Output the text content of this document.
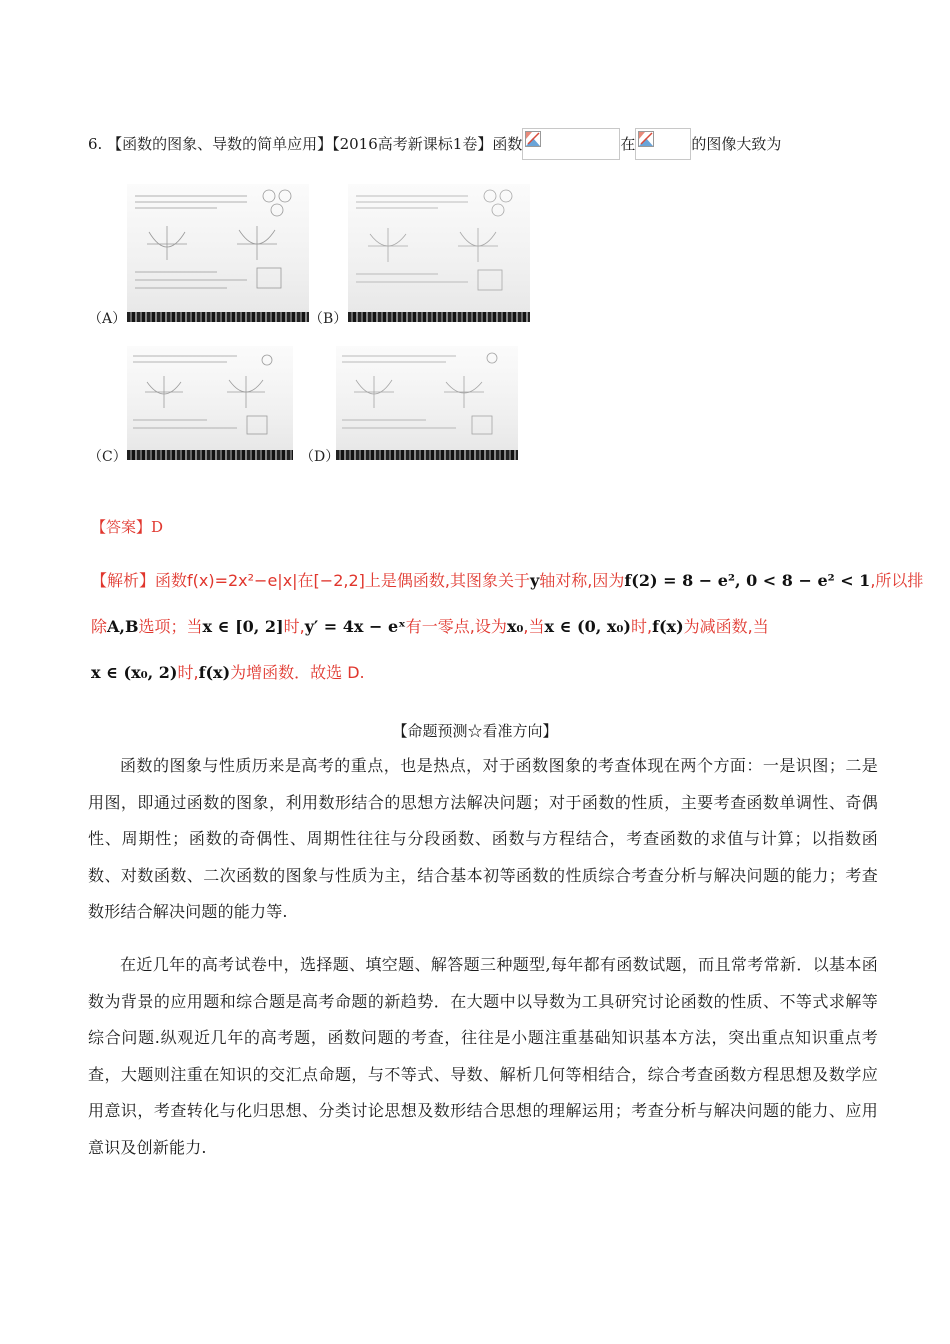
6. 【函数的图象、导数的简单应用】【2016高考新课标1卷】函数	在	的图像大致为
（A）	（B）
（C）	（D）
【答案】D
【解析】函数f(x)=2x²−e|x|在[−2,2]上是偶函数,其图象关于y轴对称,因为f(2) = 8 − e², 0 < 8 − e² < 1,所以排
除A,B选项；当x ∈ [0, 2]时,y′ = 4x − eˣ有一零点,设为x₀,当x ∈ (0, x₀)时,f(x)为减函数,当
x ∈ (x₀, 2)时,f(x)为增函数．故选 D.
【命题预测☆看准方向】

函数的图象与性质历来是高考的重点，也是热点，对于函数图象的考查体现在两个方面：一是识图；二是用图，即通过函数的图象，利用数形结合的思想方法解决问题；对于函数的性质，主要考查函数单调性、奇偶性、周期性；函数的奇偶性、周期性往往与分段函数、函数与方程结合，考查函数的求值与计算；以指数函数、对数函数、二次函数的图象与性质为主，结合基本初等函数的性质综合考查分析与解决问题的能力；考查数形结合解决问题的能力等.

在近几年的高考试卷中，选择题、填空题、解答题三种题型,每年都有函数试题，而且常考常新．以基本函数为背景的应用题和综合题是高考命题的新趋势．在大题中以导数为工具研究讨论函数的性质、不等式求解等综合问题.纵观近几年的高考题，函数问题的考查，往往是小题注重基础知识基本方法，突出重点知识重点考查，大题则注重在知识的交汇点命题，与不等式、导数、解析几何等相结合，综合考查函数方程思想及数学应用意识，考查转化与化归思想、分类讨论思想及数形结合思想的理解运用；考查分析与解决问题的能力、应用意识及创新能力.
